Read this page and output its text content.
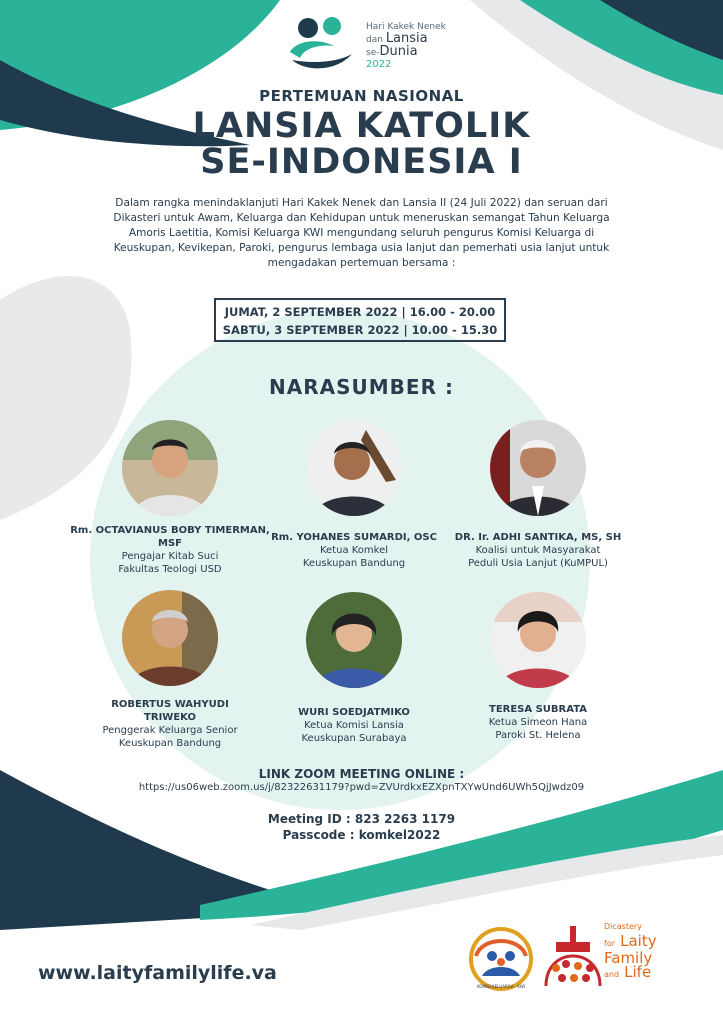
Hari Kakek Nenek
dan Lansia
se-Dunia
2022
PERTEMUAN NASIONAL
LANSIA KATOLIK
SE-INDONESIA I
Dalam rangka menindaklanjuti Hari Kakek Nenek dan Lansia II (24 Juli 2022) dan seruan dari Dikasteri untuk Awam, Keluarga dan Kehidupan untuk meneruskan semangat Tahun Keluarga Amoris Laetitia, Komisi Keluarga KWI mengundang seluruh pengurus Komisi Keluarga di Keuskupan, Kevikepan, Paroki, pengurus lembaga usia lanjut dan pemerhati usia lanjut untuk mengadakan pertemuan bersama :
JUMAT, 2 SEPTEMBER 2022 | 16.00 - 20.00
SABTU, 3 SEPTEMBER 2022 | 10.00 - 15.30
NARASUMBER :
Rm. OCTAVIANUS BOBY TIMERMAN, MSF
Pengajar Kitab Suci
Fakultas Teologi USD
Rm. YOHANES SUMARDI, OSC
Ketua Komkel
Keuskupan Bandung
DR. Ir. ADHI SANTIKA, MS, SH
Koalisi untuk Masyarakat
Peduli Usia Lanjut (KuMPUL)
ROBERTUS WAHYUDI TRIWEKO
Penggerak Keluarga Senior
Keuskupan Bandung
WURI SOEDJATMIKO
Ketua Komisi Lansia
Keuskupan Surabaya
TERESA SUBRATA
Ketua Simeon Hana
Paroki St. Helena
LINK ZOOM MEETING ONLINE :
https://us06web.zoom.us/j/82322631179?pwd=ZVUrdkxEZXpnTXYwUnd6UWh5QjJwdz09
Meeting ID : 823 2263 1179
Passcode : komkel2022
www.laityfamilylife.va
KOMISI KELUARGA · KWI
Dicastery
for Laity
Family
and Life
